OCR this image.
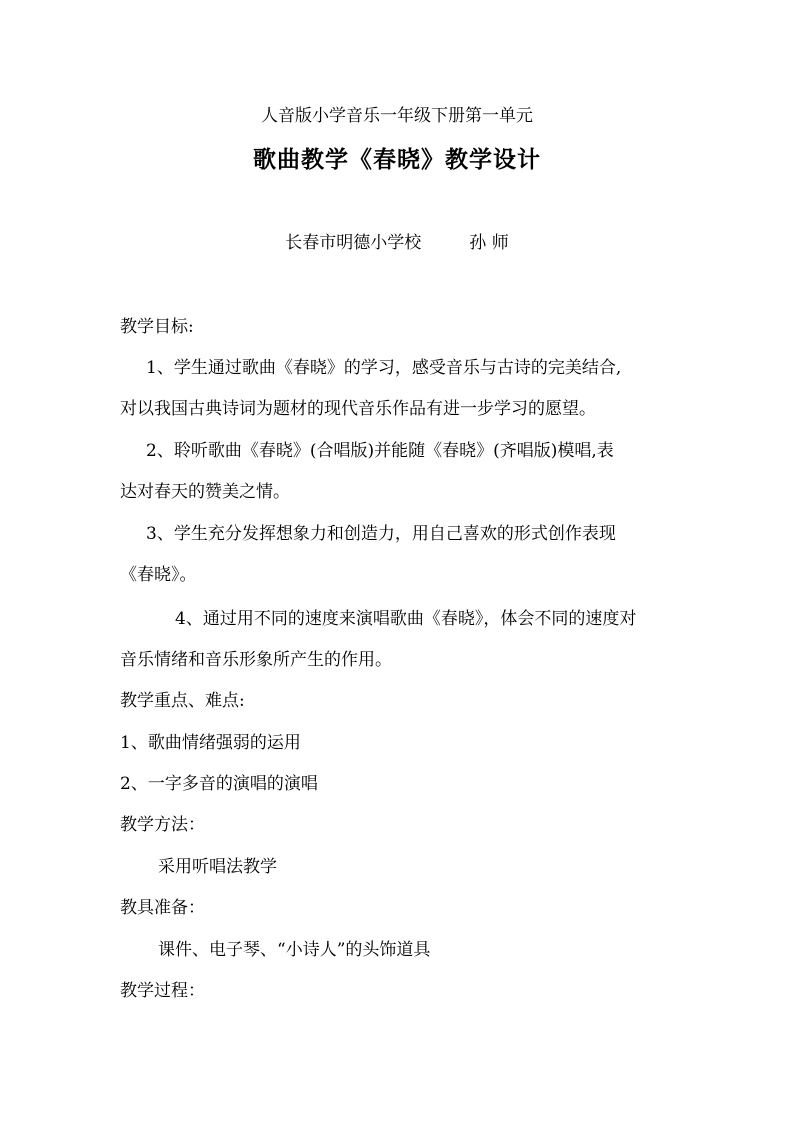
人音版小学音乐一年级下册第一单元
歌曲教学《春晓》教学设计
长春市明德小学校	孙 师
教学目标:
1、学生通过歌曲《春晓》的学习，感受音乐与古诗的完美结合,
对以我国古典诗词为题材的现代音乐作品有进一步学习的愿望。
2、聆听歌曲《春晓》(合唱版)并能随《春晓》(齐唱版)模唱,表
达对春天的赞美之情。
3、学生充分发挥想象力和创造力，用自己喜欢的形式创作表现
《春晓》。
4、通过用不同的速度来演唱歌曲《春晓》，体会不同的速度对
音乐情绪和音乐形象所产生的作用。
教学重点、难点:
1、歌曲情绪强弱的运用
2、一字多音的演唱的演唱
教学方法：
采用听唱法教学
教具准备：
课件、电子琴、“小诗人”的头饰道具
教学过程：
